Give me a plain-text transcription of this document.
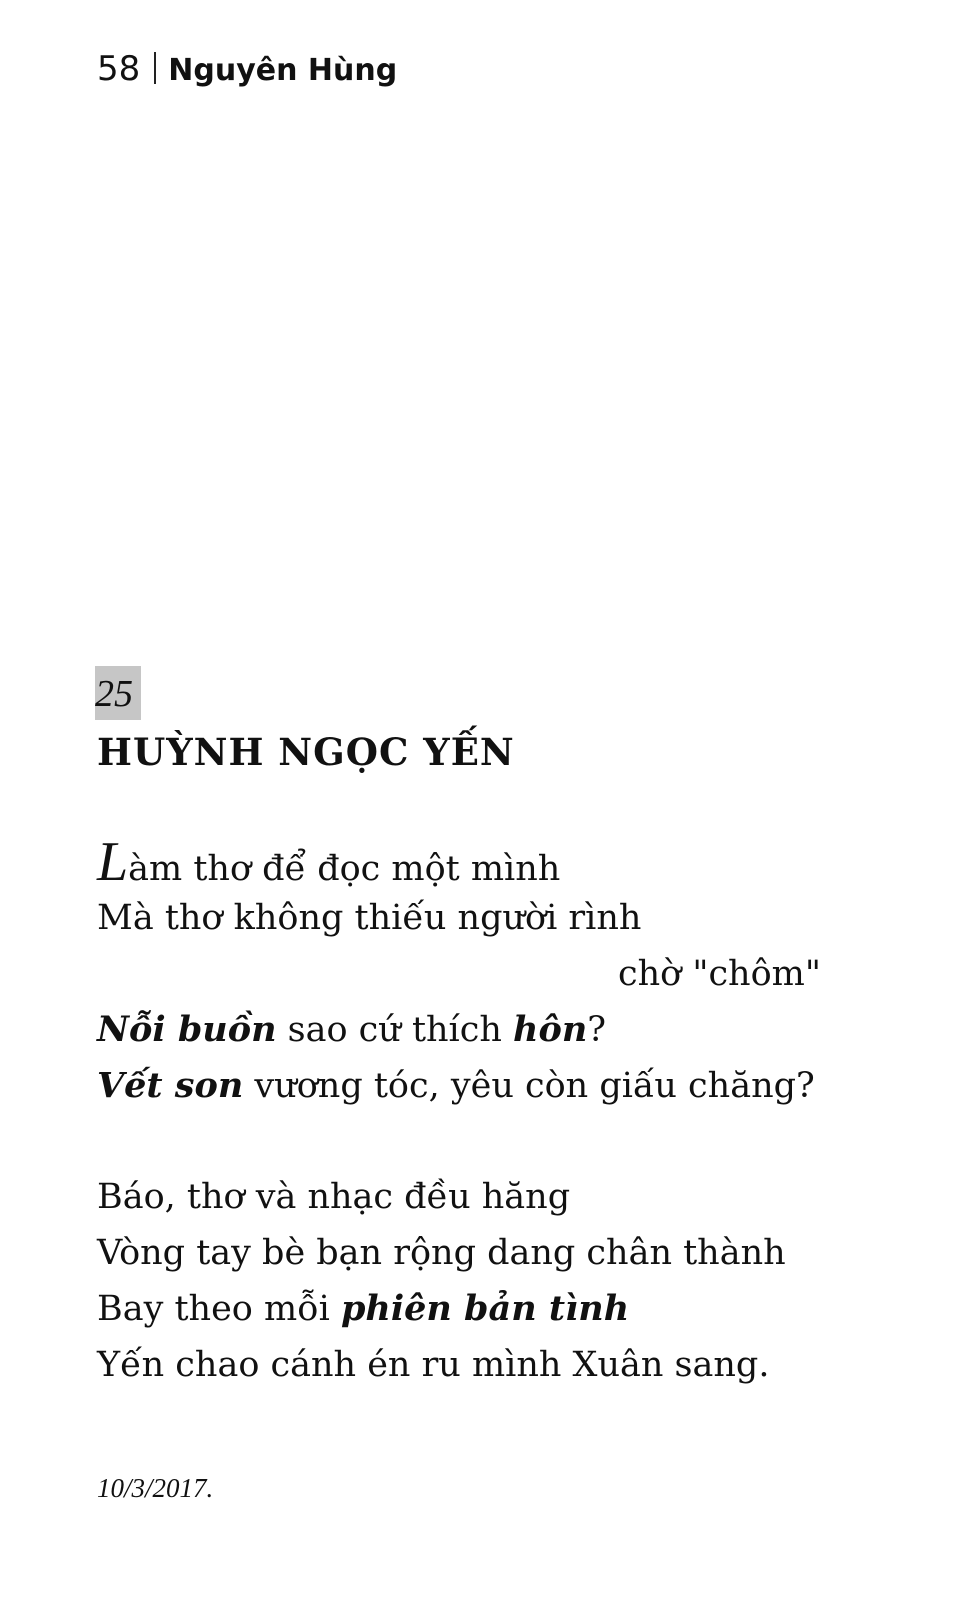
58 Nguyên Hùng
25
HUỲNH NGỌC YẾN
Làm thơ để đọc một mình
Mà thơ không thiếu người rình
chờ "chôm"
Nỗi buồn sao cứ thích hôn?
Vết son vương tóc, yêu còn giấu chăng?
Báo, thơ và nhạc đều hăng
Vòng tay bè bạn rộng dang chân thành
Bay theo mỗi phiên bản tình
Yến chao cánh én ru mình Xuân sang.
10/3/2017.
